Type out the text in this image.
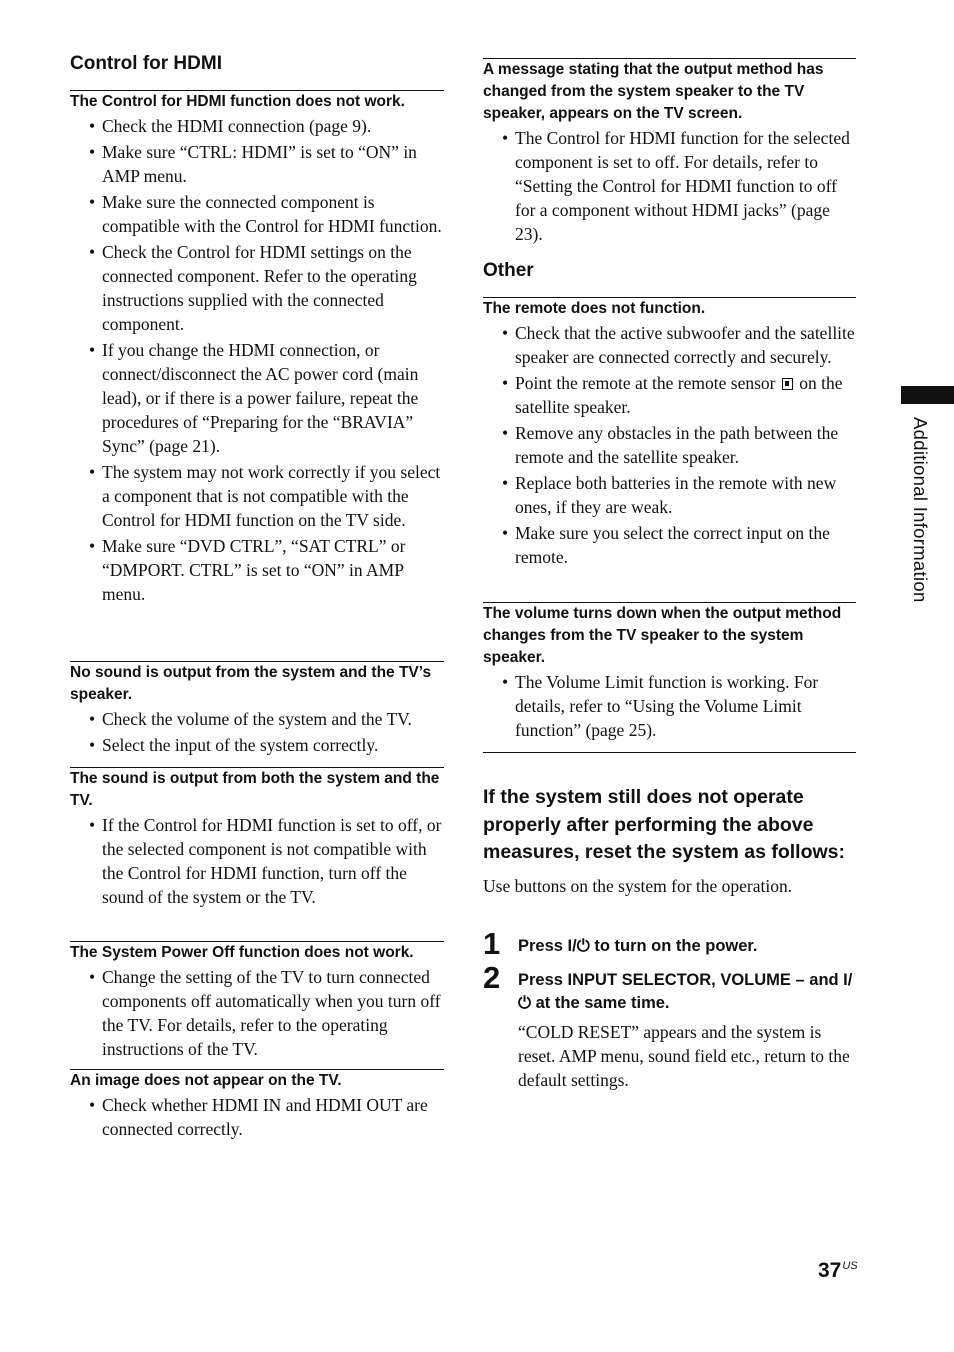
Control for HDMI

The Control for HDMI function does not work.

• Check the HDMI connection (page 9).
• Make sure “CTRL: HDMI” is set to “ON” in AMP menu.
• Make sure the connected component is compatible with the Control for HDMI function.
• Check the Control for HDMI settings on the connected component. Refer to the operating instructions supplied with the connected component.
• If you change the HDMI connection, or connect/disconnect the AC power cord (main lead), or if there is a power failure, repeat the procedures of “Preparing for the “BRAVIA” Sync” (page 21).
• The system may not work correctly if you select a component that is not compatible with the Control for HDMI function on the TV side.
• Make sure “DVD CTRL”, “SAT CTRL” or “DMPORT. CTRL” is set to “ON” in AMP menu.

No sound is output from the system and the TV’s speaker.

• Check the volume of the system and the TV.
• Select the input of the system correctly.

The sound is output from both the system and the TV.

• If the Control for HDMI function is set to off, or the selected component is not compatible with the Control for HDMI function, turn off the sound of the system or the TV.

The System Power Off function does not work.

• Change the setting of the TV to turn connected components off automatically when you turn off the TV. For details, refer to the operating instructions of the TV.

An image does not appear on the TV.

• Check whether HDMI IN and HDMI OUT are connected correctly.

A message stating that the output method has changed from the system speaker to the TV speaker, appears on the TV screen.

• The Control for HDMI function for the selected component is set to off. For details, refer to “Setting the Control for HDMI function to off for a component without HDMI jacks” (page 23).
Other

The remote does not function.

• Check that the active subwoofer and the satellite speaker are connected correctly and securely.
• Point the remote at the remote sensor on the satellite speaker.
• Remove any obstacles in the path between the remote and the satellite speaker.
• Replace both batteries in the remote with new ones, if they are weak.
• Make sure you select the correct input on the remote.

The volume turns down when the output method changes from the TV speaker to the system speaker.

• The Volume Limit function is working. For details, refer to “Using the Volume Limit function” (page 25).

If the system still does not operate properly after performing the above measures, reset the system as follows:

Use buttons on the system for the operation.

1 Press I/⏻ to turn on the power.
2 Press INPUT SELECTOR, VOLUME – and I/⏻ at the same time.
“COLD RESET” appears and the system is reset. AMP menu, sound field etc., return to the default settings.
Additional Information
$37^{US}$
